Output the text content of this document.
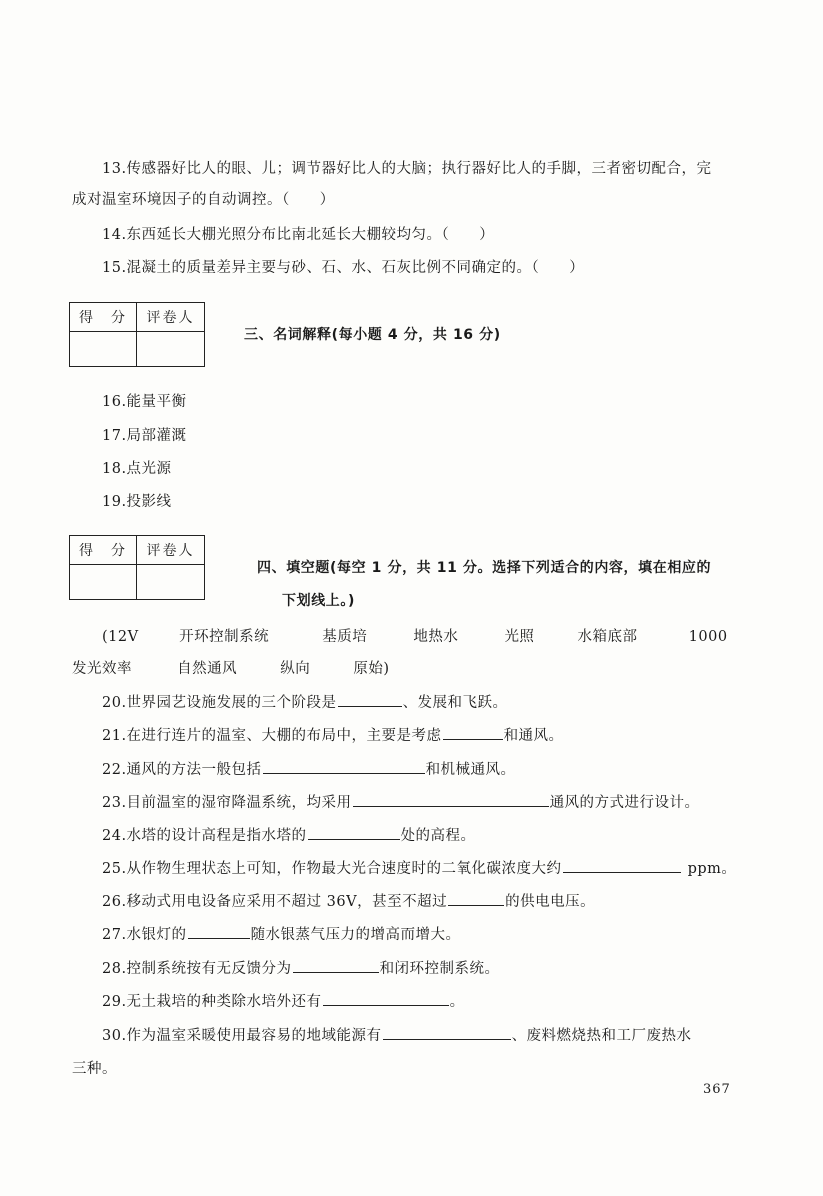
13.传感器好比人的眼、儿；调节器好比人的大脑；执行器好比人的手脚，三者密切配合，完
成对温室环境因子的自动调控。（　　）
14.东西延长大棚光照分布比南北延长大棚较均匀。（　　）
15.混凝土的质量差异主要与砂、石、水、石灰比例不同确定的。（　　）
得　分	评卷人
三、名词解释(每小题 4 分，共 16 分)
16.能量平衡
17.局部灌溉
18.点光源
19.投影线
得　分	评卷人
四、填空题(每空 1 分，共 11 分。选择下列适合的内容，填在相应的
下划线上。)
(12V	开环控制系统	基质培	地热水	光照	水箱底部	1000
发光效率	自然通风	纵向	原始)
20.世界园艺设施发展的三个阶段是	、发展和飞跃。
21.在进行连片的温室、大棚的布局中，主要是考虑	和通风。
22.通风的方法一般包括	和机械通风。
23.目前温室的湿帘降温系统，均采用	通风的方式进行设计。
24.水塔的设计高程是指水塔的	处的高程。
25.从作物生理状态上可知，作物最大光合速度时的二氧化碳浓度大约	ppm。
26.移动式用电设备应采用不超过 36V，甚至不超过	的供电电压。
27.水银灯的	随水银蒸气压力的增高而增大。
28.控制系统按有无反馈分为	和闭环控制系统。
29.无土栽培的种类除水培外还有	。
30.作为温室采暖使用最容易的地域能源有	、废料燃烧热和工厂废热水
三种。
367
